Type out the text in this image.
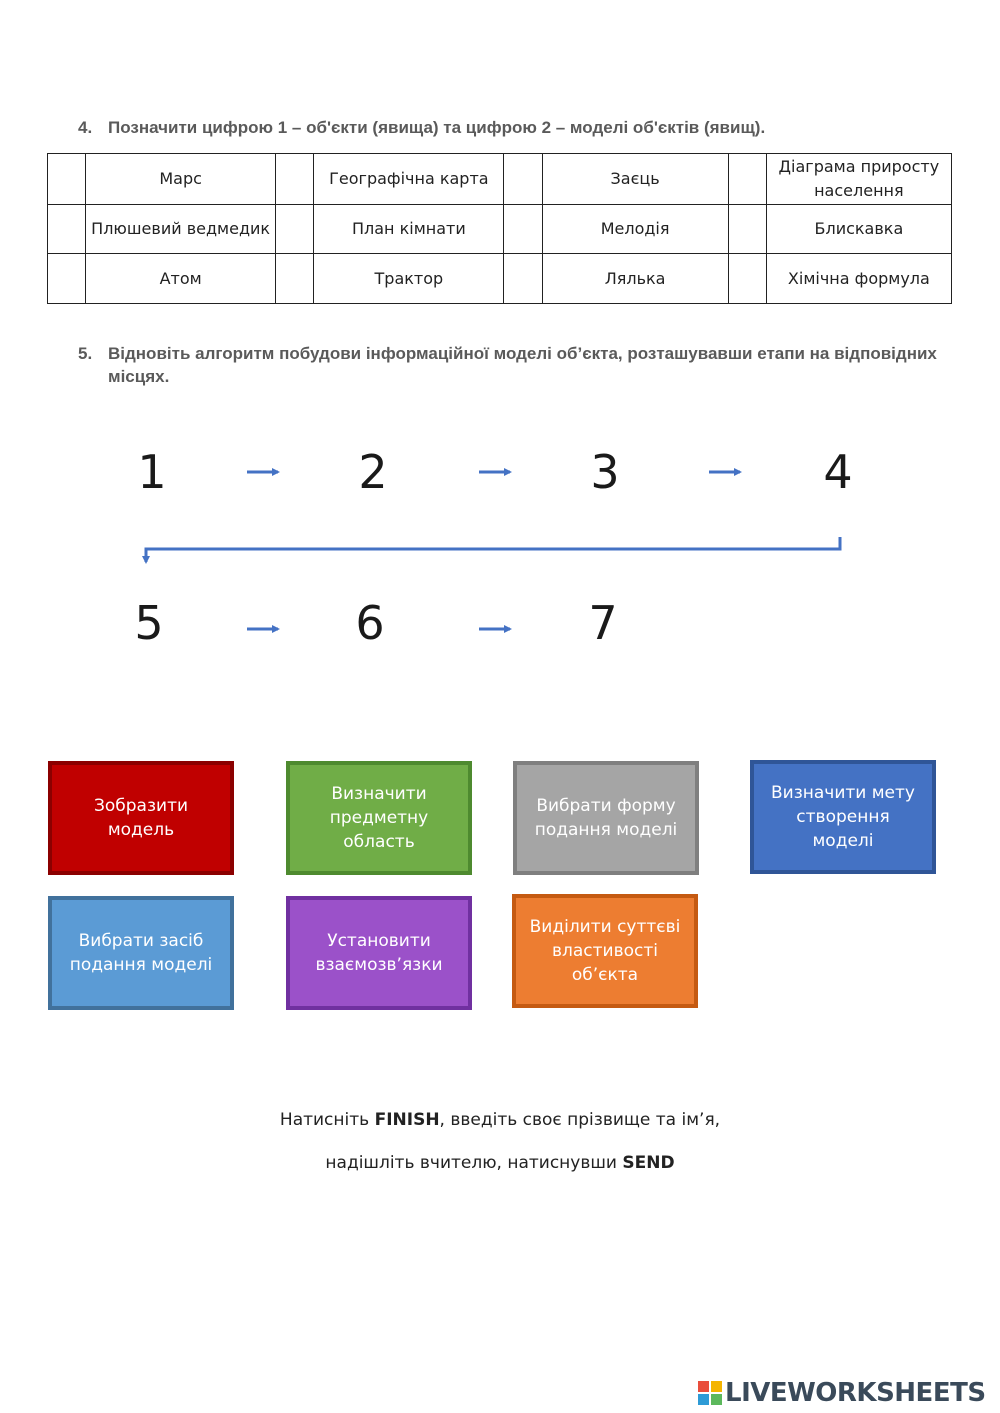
4. Позначити цифрою 1 – об'єкти (явища) та цифрою 2 – моделі об'єктів (явищ).
	Марс		Географічна карта		Заєць		Діаграма приросту населення
	Плюшевий ведмедик		План кімнати		Мелодія		Блискавка
	Атом		Трактор		Лялька		Хімічна формула
5. Відновіть алгоритм побудови інформаційної моделі об’єкта, розташувавши етапи на відповідних місцях.
1	2	3	4
5	6	7
Зобразити модель
Визначити предметну область
Вибрати форму подання моделі
Визначити мету створення моделі
Вибрати засіб подання моделі
Установити взаємозв’язки
Виділити суттєві властивості об’єкта
Натисніть FINISH, введіть своє прізвище та ім’я,
надішліть вчителю, натиснувши SEND
LIVEWORKSHEETS
